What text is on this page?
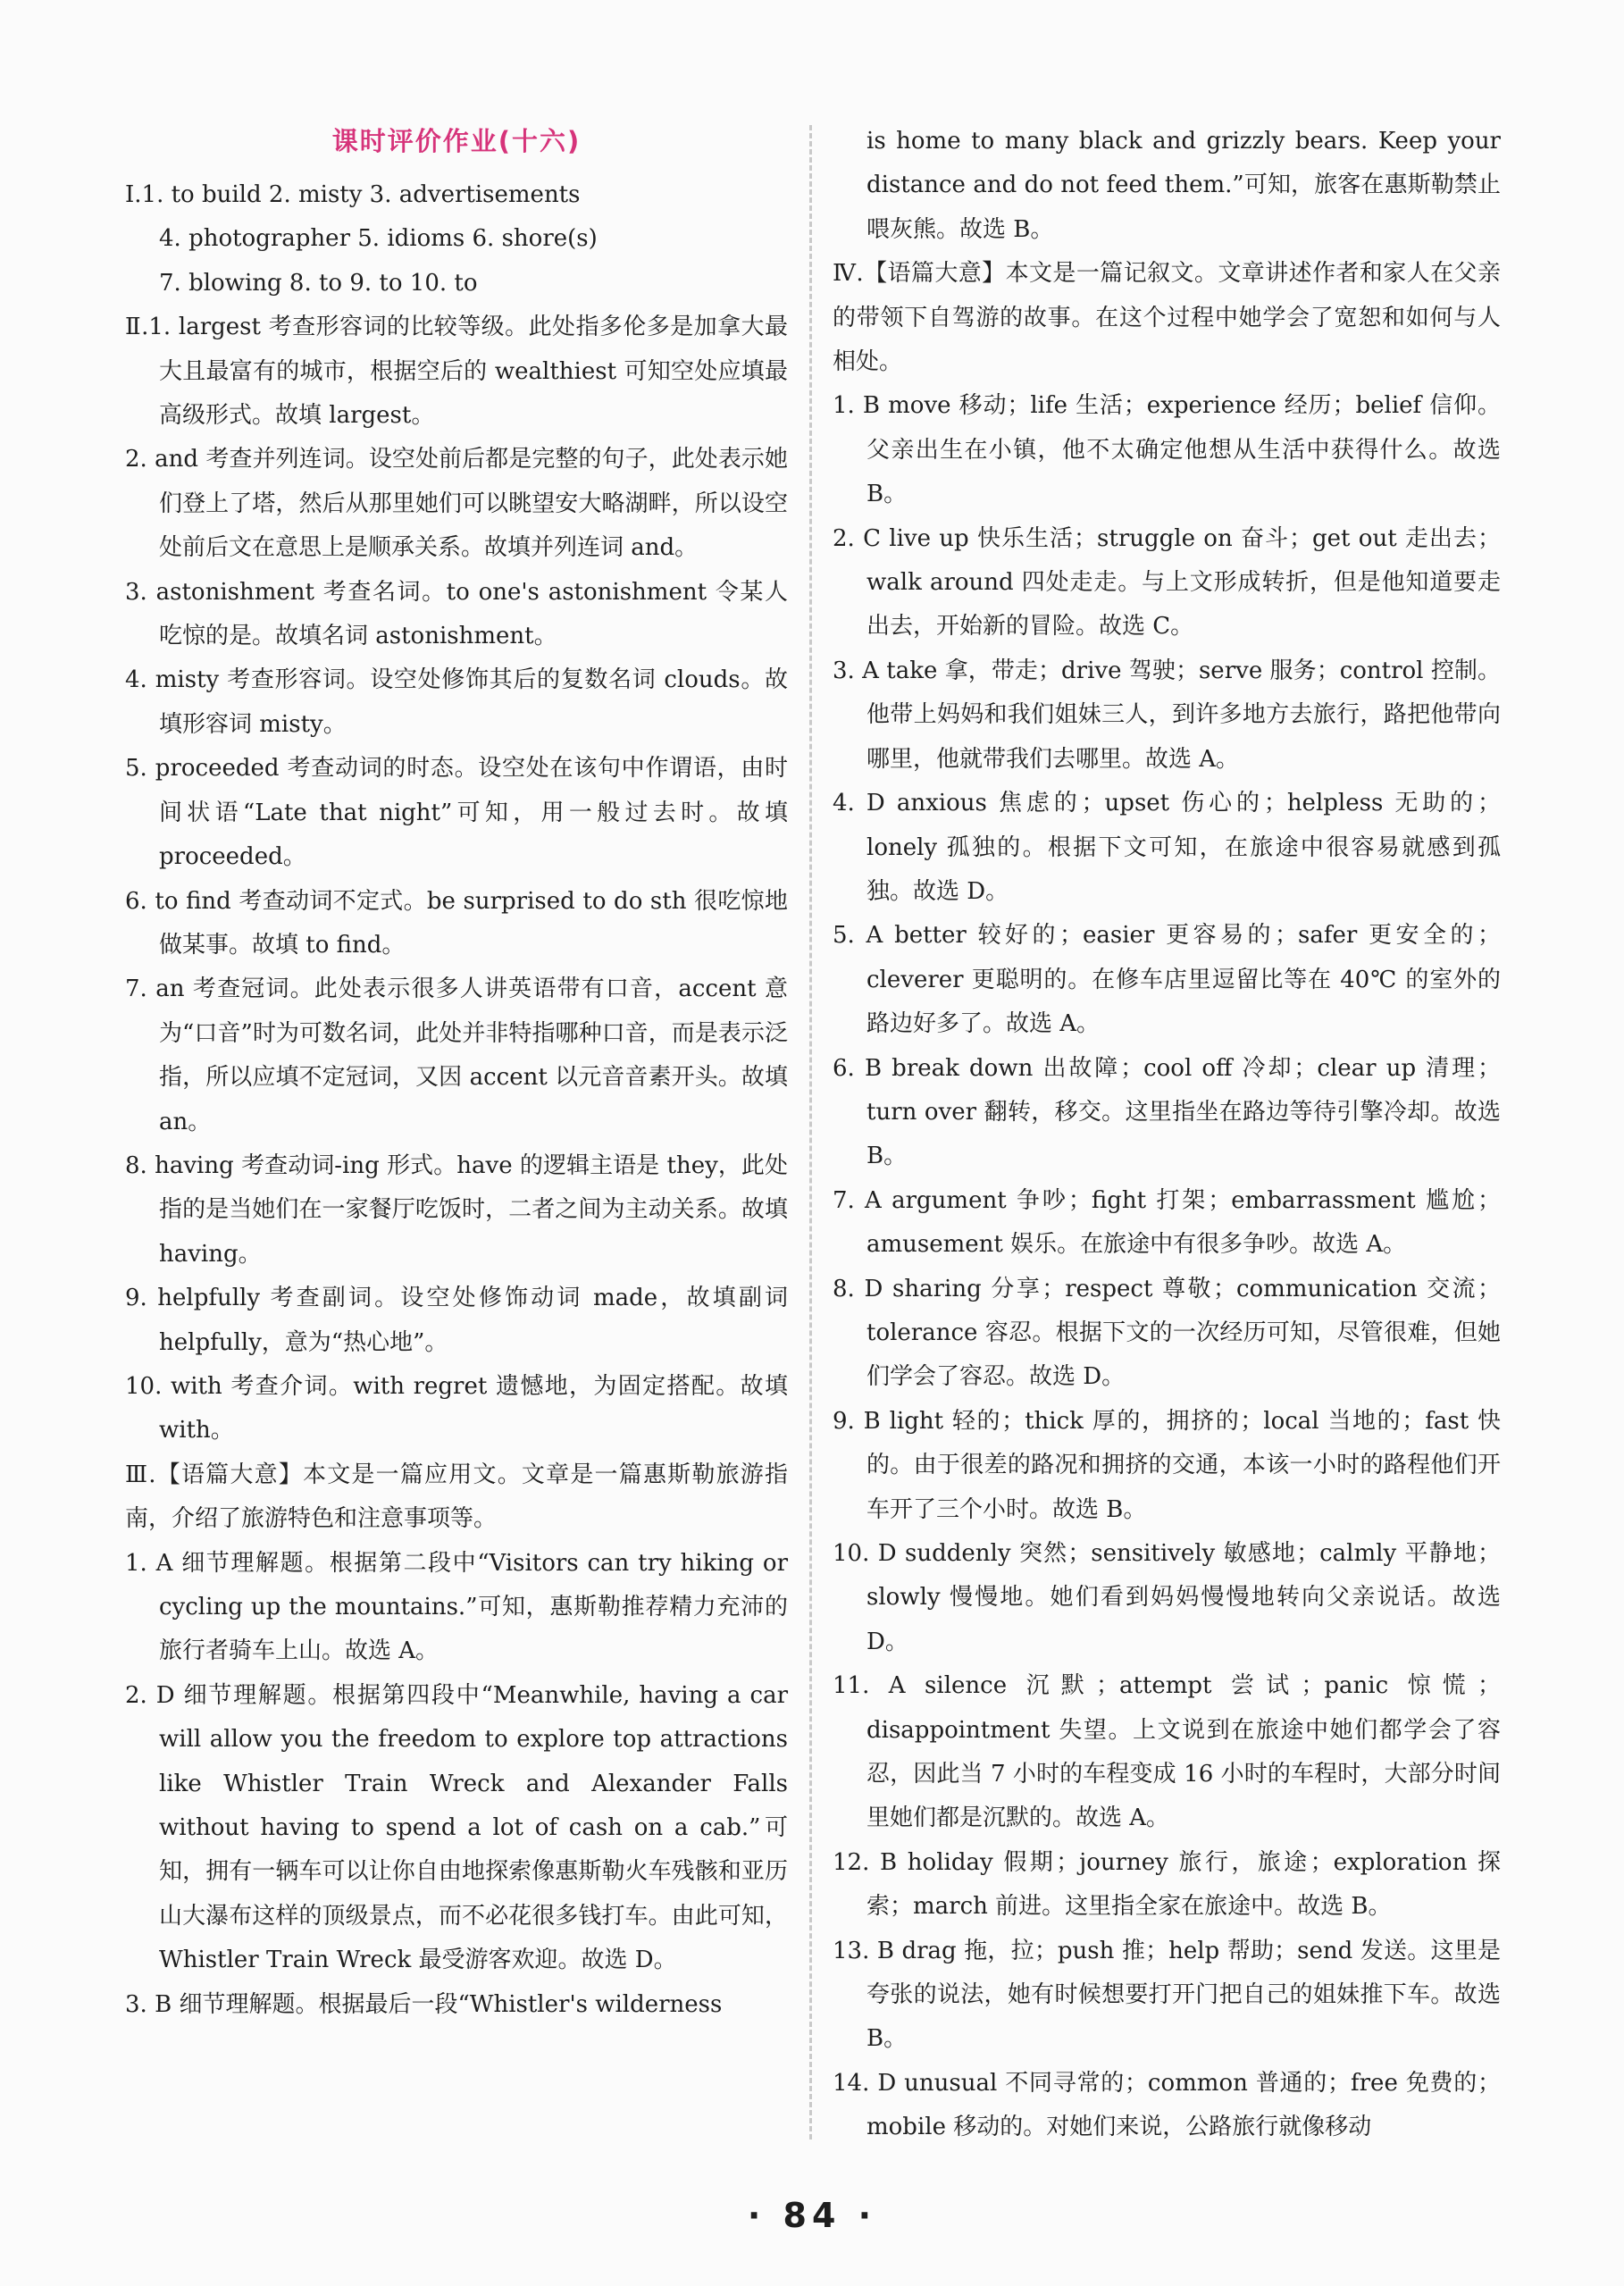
课时评价作业(十六)

Ⅰ.1. to build 2. misty 3. advertisements

4. photographer 5. idioms 6. shore(s)

7. blowing 8. to 9. to 10. to

Ⅱ.1. largest 考查形容词的比较等级。此处指多伦多是加拿大最大且最富有的城市，根据空后的 wealthiest 可知空处应填最高级形式。故填 largest。

2. and 考查并列连词。设空处前后都是完整的句子，此处表示她们登上了塔，然后从那里她们可以眺望安大略湖畔，所以设空处前后文在意思上是顺承关系。故填并列连词 and。

3. astonishment 考查名词。to one's astonishment 令某人吃惊的是。故填名词 astonishment。

4. misty 考查形容词。设空处修饰其后的复数名词 clouds。故填形容词 misty。

5. proceeded 考查动词的时态。设空处在该句中作谓语，由时间状语“Late that night”可知，用一般过去时。故填 proceeded。

6. to find 考查动词不定式。be surprised to do sth 很吃惊地做某事。故填 to find。

7. an 考查冠词。此处表示很多人讲英语带有口音，accent 意为“口音”时为可数名词，此处并非特指哪种口音，而是表示泛指，所以应填不定冠词，又因 accent 以元音音素开头。故填 an。

8. having 考查动词-ing 形式。have 的逻辑主语是 they，此处指的是当她们在一家餐厅吃饭时，二者之间为主动关系。故填 having。

9. helpfully 考查副词。设空处修饰动词 made，故填副词 helpfully，意为“热心地”。

10. with 考查介词。with regret 遗憾地，为固定搭配。故填 with。

Ⅲ.【语篇大意】本文是一篇应用文。文章是一篇惠斯勒旅游指南，介绍了旅游特色和注意事项等。

1. A 细节理解题。根据第二段中“Visitors can try hiking or cycling up the mountains.”可知，惠斯勒推荐精力充沛的旅行者骑车上山。故选 A。

2. D 细节理解题。根据第四段中“Meanwhile, having a car will allow you the freedom to explore top attractions like Whistler Train Wreck and Alexander Falls without having to spend a lot of cash on a cab.”可知，拥有一辆车可以让你自由地探索像惠斯勒火车残骸和亚历山大瀑布这样的顶级景点，而不必花很多钱打车。由此可知，Whistler Train Wreck 最受游客欢迎。故选 D。

3. B 细节理解题。根据最后一段“Whistler's wilderness

is home to many black and grizzly bears. Keep your distance and do not feed them.”可知，旅客在惠斯勒禁止喂灰熊。故选 B。

Ⅳ.【语篇大意】本文是一篇记叙文。文章讲述作者和家人在父亲的带领下自驾游的故事。在这个过程中她学会了宽恕和如何与人相处。

1. B move 移动；life 生活；experience 经历；belief 信仰。父亲出生在小镇，他不太确定他想从生活中获得什么。故选 B。

2. C live up 快乐生活；struggle on 奋斗；get out 走出去；walk around 四处走走。与上文形成转折，但是他知道要走出去，开始新的冒险。故选 C。

3. A take 拿，带走；drive 驾驶；serve 服务；control 控制。他带上妈妈和我们姐妹三人，到许多地方去旅行，路把他带向哪里，他就带我们去哪里。故选 A。

4. D anxious 焦虑的；upset 伤心的；helpless 无助的；lonely 孤独的。根据下文可知，在旅途中很容易就感到孤独。故选 D。

5. A better 较好的；easier 更容易的；safer 更安全的；cleverer 更聪明的。在修车店里逗留比等在 40℃ 的室外的路边好多了。故选 A。

6. B break down 出故障；cool off 冷却；clear up 清理；turn over 翻转，移交。这里指坐在路边等待引擎冷却。故选 B。

7. A argument 争吵；fight 打架；embarrassment 尴尬；amusement 娱乐。在旅途中有很多争吵。故选 A。

8. D sharing 分享；respect 尊敬；communication 交流；tolerance 容忍。根据下文的一次经历可知，尽管很难，但她们学会了容忍。故选 D。

9. B light 轻的；thick 厚的，拥挤的；local 当地的；fast 快的。由于很差的路况和拥挤的交通，本该一小时的路程他们开车开了三个小时。故选 B。

10. D suddenly 突然；sensitively 敏感地；calmly 平静地；slowly 慢慢地。她们看到妈妈慢慢地转向父亲说话。故选 D。

11. A silence 沉默；attempt 尝试；panic 惊慌；disappointment 失望。上文说到在旅途中她们都学会了容忍，因此当 7 小时的车程变成 16 小时的车程时，大部分时间里她们都是沉默的。故选 A。

12. B holiday 假期；journey 旅行，旅途；exploration 探索；march 前进。这里指全家在旅途中。故选 B。

13. B drag 拖，拉；push 推；help 帮助；send 发送。这里是夸张的说法，她有时候想要打开门把自己的姐妹推下车。故选 B。

14. D unusual 不同寻常的；common 普通的；free 免费的；mobile 移动的。对她们来说，公路旅行就像移动

· 84 ·
